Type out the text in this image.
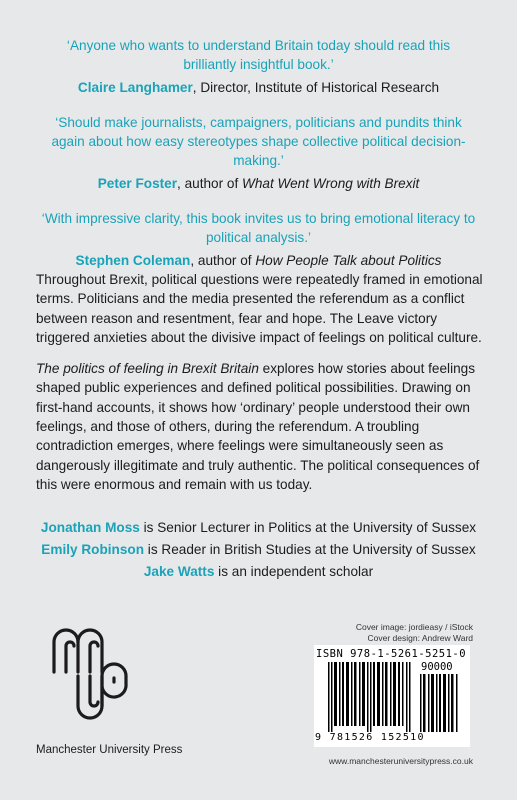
‘Anyone who wants to understand Britain today should read this brilliantly insightful book.’
Claire Langhamer, Director, Institute of Historical Research
‘Should make journalists, campaigners, politicians and pundits think again about how easy stereotypes shape collective political decision-making.’
Peter Foster, author of What Went Wrong with Brexit
‘With impressive clarity, this book invites us to bring emotional literacy to political analysis.’
Stephen Coleman, author of How People Talk about Politics

Throughout Brexit, political questions were repeatedly framed in emotional terms. Politicians and the media presented the referendum as a conflict between reason and resentment, fear and hope. The Leave victory triggered anxieties about the divisive impact of feelings on political culture.

The politics of feeling in Brexit Britain explores how stories about feelings shaped public experiences and defined political possibilities. Drawing on first-hand accounts, it shows how ‘ordinary’ people understood their own feelings, and those of others, during the referendum. A troubling contradiction emerges, where feelings were simultaneously seen as dangerously illegitimate and truly authentic. The political consequences of this were enormous and remain with us today.

Jonathan Moss is Senior Lecturer in Politics at the University of Sussex
Emily Robinson is Reader in British Studies at the University of Sussex
Jake Watts is an independent scholar
Manchester University Press
Cover image: jordieasy / iStock
Cover design: Andrew Ward
ISBN 978-1-5261-5251-0
90000
9 781526 152510
www.manchesteruniversitypress.co.uk
